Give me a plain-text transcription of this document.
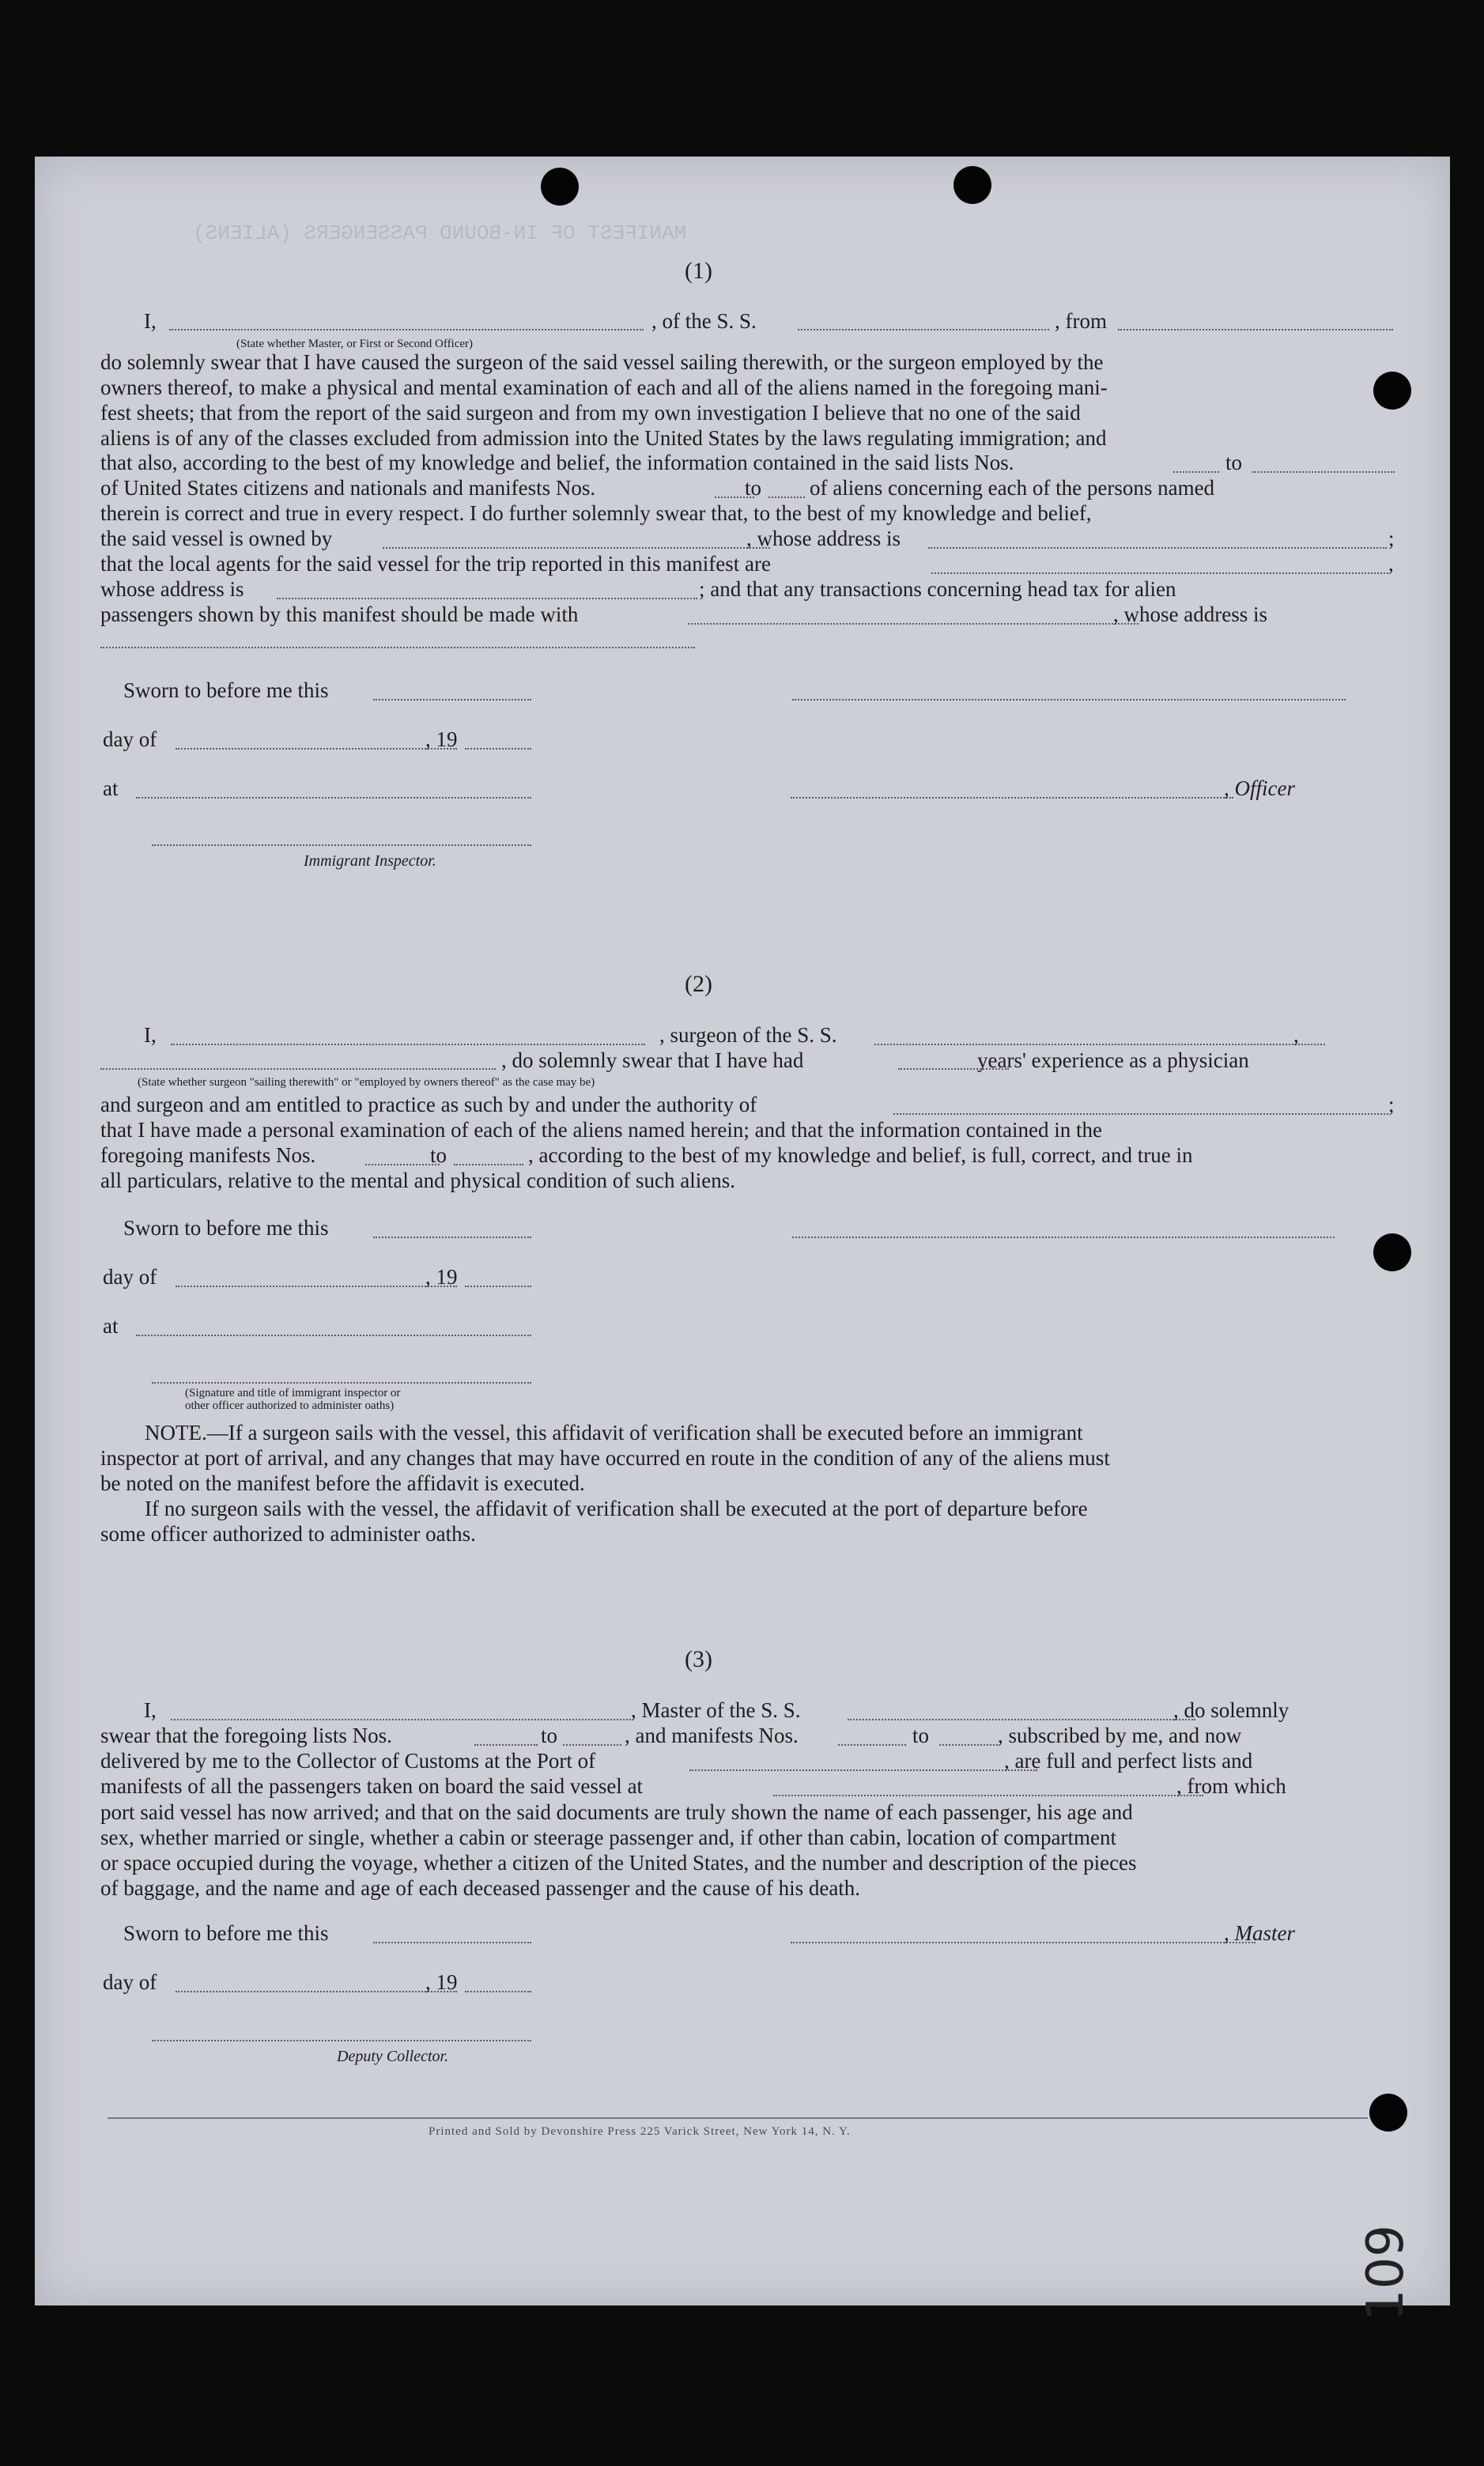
MANIFEST OF IN-BOUND PASSENGERS (ALIENS)
(1)
I,	, of the S. S.	, from
(State whether Master, or First or Second Officer)
do solemnly swear that I have caused the surgeon of the said vessel sailing therewith, or the surgeon employed by the
owners thereof, to make a physical and mental examination of each and all of the aliens named in the foregoing mani-
fest sheets; that from the report of the said surgeon and from my own investigation I believe that no one of the said
aliens is of any of the classes excluded from admission into the United States by the laws regulating immigration; and
that also, according to the best of my knowledge and belief, the information contained in the said lists Nos.	to
of United States citizens and nationals and manifests Nos.	to of aliens concerning each of the persons named
therein is correct and true in every respect. I do further solemnly swear that, to the best of my knowledge and belief,
the said vessel is owned by	, whose address is	;
that the local agents for the said vessel for the trip reported in this manifest are	,
whose address is	; and that any transactions concerning head tax for alien
passengers shown by this manifest should be made with	, whose address is
Sworn to before me this
day of	, 19
at	, Officer
Immigrant Inspector.
(2)
I,	, surgeon of the S. S.	,
, do solemnly swear that I have had	years' experience as a physician
(State whether surgeon "sailing therewith" or "employed by owners thereof" as the case may be)
and surgeon and am entitled to practice as such by and under the authority of	;
that I have made a personal examination of each of the aliens named herein; and that the information contained in the
foregoing manifests Nos.	to	, according to the best of my knowledge and belief, is full, correct, and true in
all particulars, relative to the mental and physical condition of such aliens.
Sworn to before me this
day of	, 19
at
(Signature and title of immigrant inspector or
other officer authorized to administer oaths)
NOTE.—If a surgeon sails with the vessel, this affidavit of verification shall be executed before an immigrant
inspector at port of arrival, and any changes that may have occurred en route in the condition of any of the aliens must
be noted on the manifest before the affidavit is executed.
If no surgeon sails with the vessel, the affidavit of verification shall be executed at the port of departure before
some officer authorized to administer oaths.
(3)
I,	, Master of the S. S.	, do solemnly
swear that the foregoing lists Nos.	to	, and manifests Nos.	to	, subscribed by me, and now
delivered by me to the Collector of Customs at the Port of	, are full and perfect lists and
manifests of all the passengers taken on board the said vessel at	, from which
port said vessel has now arrived; and that on the said documents are truly shown the name of each passenger, his age and
sex, whether married or single, whether a cabin or steerage passenger and, if other than cabin, location of compartment
or space occupied during the voyage, whether a citizen of the United States, and the number and description of the pieces
of baggage, and the name and age of each deceased passenger and the cause of his death.
Sworn to before me this	, Master
day of	, 19
Deputy Collector.
Printed and Sold by Devonshire Press 225 Varick Street, New York 14, N. Y.
109
